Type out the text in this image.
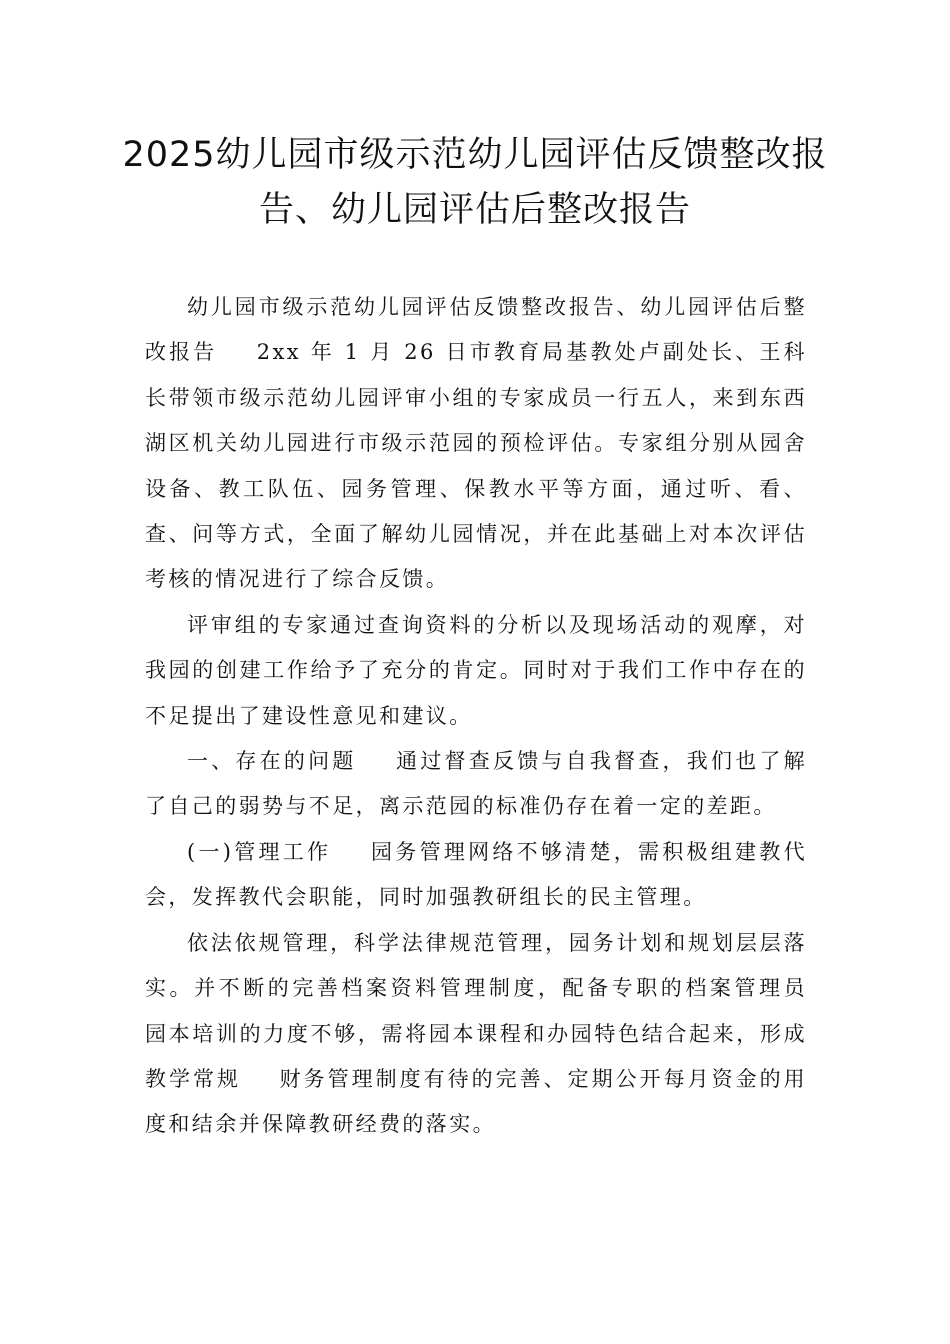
2025幼儿园市级示范幼儿园评估反馈整改报告、幼儿园评估后整改报告

幼儿园市级示范幼儿园评估反馈整改报告、幼儿园评估后整改报告    2xx 年 1 月 26 日市教育局基教处卢副处长、王科长带领市级示范幼儿园评审小组的专家成员一行五人，来到东西湖区机关幼儿园进行市级示范园的预检评估。专家组分别从园舍设备、教工队伍、园务管理、保教水平等方面，通过听、看、查、问等方式，全面了解幼儿园情况，并在此基础上对本次评估考核的情况进行了综合反馈。

评审组的专家通过查询资料的分析以及现场活动的观摩，对我园的创建工作给予了充分的肯定。同时对于我们工作中存在的不足提出了建设性意见和建议。

一、存在的问题    通过督查反馈与自我督查，我们也了解了自己的弱势与不足，离示范园的标准仍存在着一定的差距。

(一)管理工作    园务管理网络不够清楚，需积极组建教代会，发挥教代会职能，同时加强教研组长的民主管理。

依法依规管理，科学法律规范管理，园务计划和规划层层落实。并不断的完善档案资料管理制度，配备专职的档案管理员    园本培训的力度不够，需将园本课程和办园特色结合起来，形成教学常规    财务管理制度有待的完善、定期公开每月资金的用度和结余并保障教研经费的落实。
